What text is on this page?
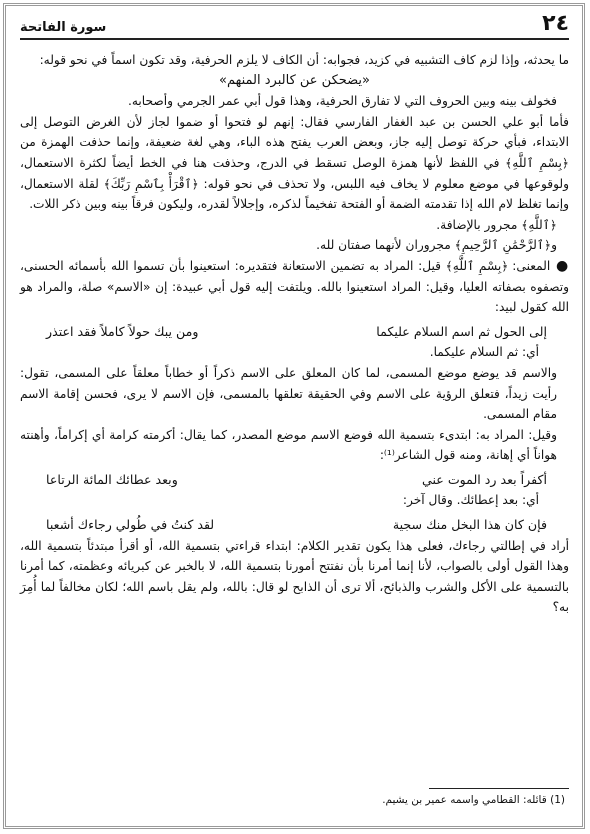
٢٤
سورة الفاتحة

ما يحدثه، وإذا لزم كاف التشبيه في كزيد، فجوابه: أن الكاف لا يلزم الحرفية، وقد تكون اسماً في نحو قوله:

«يضحكن عن كالبرد المنهم»

فخولف بينه وبين الحروف التي لا تفارق الحرفية، وهذا قول أبي عمر الجرمي وأصحابه.

فأما أبو علي الحسن بن عبد الغفار الفارسي فقال: إنهم لو فتحوا أو ضموا لجاز لأن الغرض التوصل إلى الابتداء، فبأي حركة توصل إليه جاز، وبعض العرب يفتح هذه الباء، وهي لغة ضعيفة، وإنما حذفت الهمزة من ﴿بِسْمِ ٱللَّهِ﴾ في اللفظ لأنها همزة الوصل تسقط في الدرج، وحذفت هنا في الخط أيضاً لكثرة الاستعمال، ولوقوعها في موضع معلوم لا يخاف فيه اللبس، ولا تحذف في نحو قوله: ﴿ٱقْرَأْ بِٱسْمِ رَبِّكَ﴾ لقلة الاستعمال، وإنما تغلظ لام الله إذا تقدمته الضمة أو الفتحة تفخيماً لذكره، وإجلالاً لقدره، وليكون فرقاً بينه وبين ذكر اللات.

﴿ٱللَّهِ﴾ مجرور بالإضافة.

و﴿ٱلرَّحْمَٰنِ ٱلرَّحِيمِ﴾ مجروران لأنهما صفتان لله.

● المعنى: ﴿بِسْمِ ٱللَّهِ﴾ قيل: المراد به تضمين الاستعانة فتقديره: استعينوا بأن تسموا الله بأسمائه الحسنى، وتصفوه بصفاته العليا، وقيل: المراد استعينوا بالله. ويلتفت إليه قول أبي عبيدة: إن «الاسم» صلة، والمراد هو الله كقول لبيد:

إلى الحول ثم اسم السلام عليكما
ومن يبك حولاً كاملاً فقد اعتذر

أي: ثم السلام عليكما.

والاسم قد يوضع موضع المسمى، لما كان المعلق على الاسم ذكراً أو خطاباً معلقاً على المسمى، تقول: رأيت زيداً، فتعلق الرؤية على الاسم وفي الحقيقة تعلقها بالمسمى، فإن الاسم لا يرى، فحسن إقامة الاسم مقام المسمى.

وقيل: المراد به: ابتدىء بتسمية الله فوضع الاسم موضع المصدر، كما يقال: أكرمته كرامة أي إكراماً، وأهنته هواناً أي إهانة، ومنه قول الشاعر⁽¹⁾:

أكفراً بعد رد الموت عني
وبعد عطائك المائة الرتاعا

أي: بعد إعطائك. وقال آخر:

فإن كان هذا البخل منك سجية
لقد كنتُ في طُولي رجاءك أشعبا

أراد في إطالتي رجاءك، فعلى هذا يكون تقدير الكلام: ابتداء قراءتي بتسمية الله، أو أقرأ مبتدئاً بتسمية الله، وهذا القول أولى بالصواب، لأنا إنما أمرنا بأن نفتتح أمورنا بتسمية الله، لا بالخبر عن كبريائه وعظمته، كما أمرنا بالتسمية على الأكل والشرب والذبائح، ألا ترى أن الذابح لو قال: بالله، ولم يقل باسم الله؛ لكان مخالفاً لما أُمِرَ به؟

(1) قائله: القطامي واسمه عمير بن يشيم.
